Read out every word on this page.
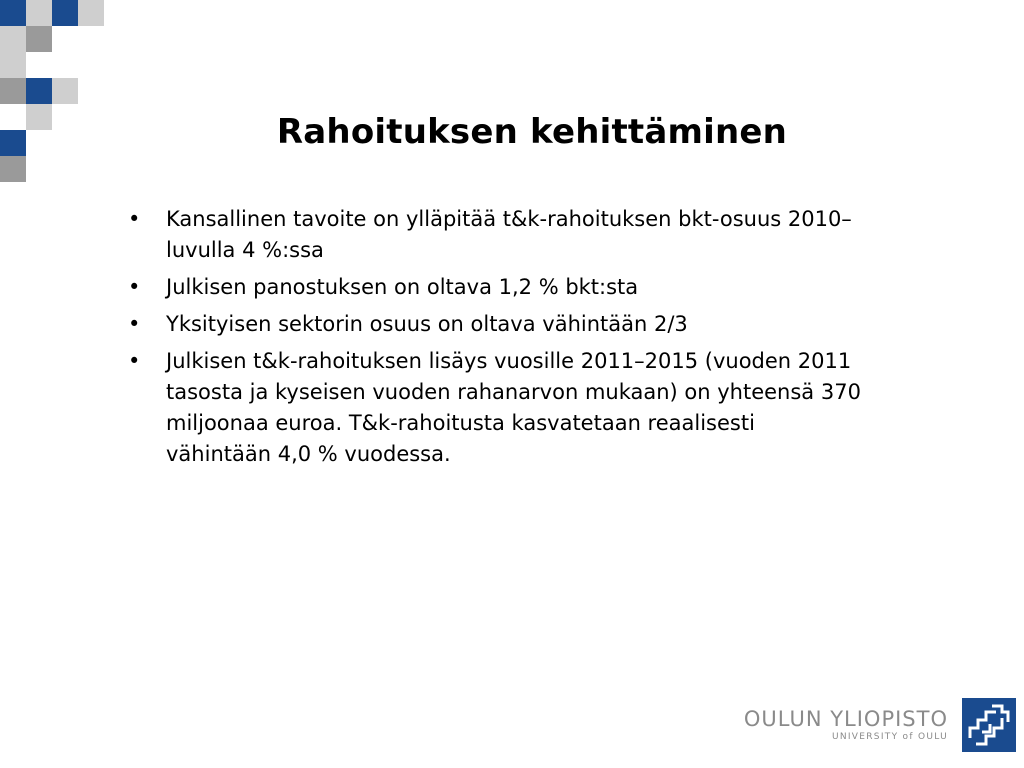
Rahoituksen kehittäminen
• Kansallinen tavoite on ylläpitää t&k-rahoituksen bkt-osuus 2010–luvulla 4 %:ssa
• Julkisen panostuksen on oltava 1,2 % bkt:sta
• Yksityisen sektorin osuus on oltava vähintään 2/3
• Julkisen t&k-rahoituksen lisäys vuosille 2011–2015 (vuoden 2011 tasosta ja kyseisen vuoden rahanarvon mukaan) on yhteensä 370 miljoonaa euroa. T&k-rahoitusta kasvatetaan reaalisesti vähintään 4,0 % vuodessa.
OULUN YLIOPISTO
UNIVERSITY of OULU
